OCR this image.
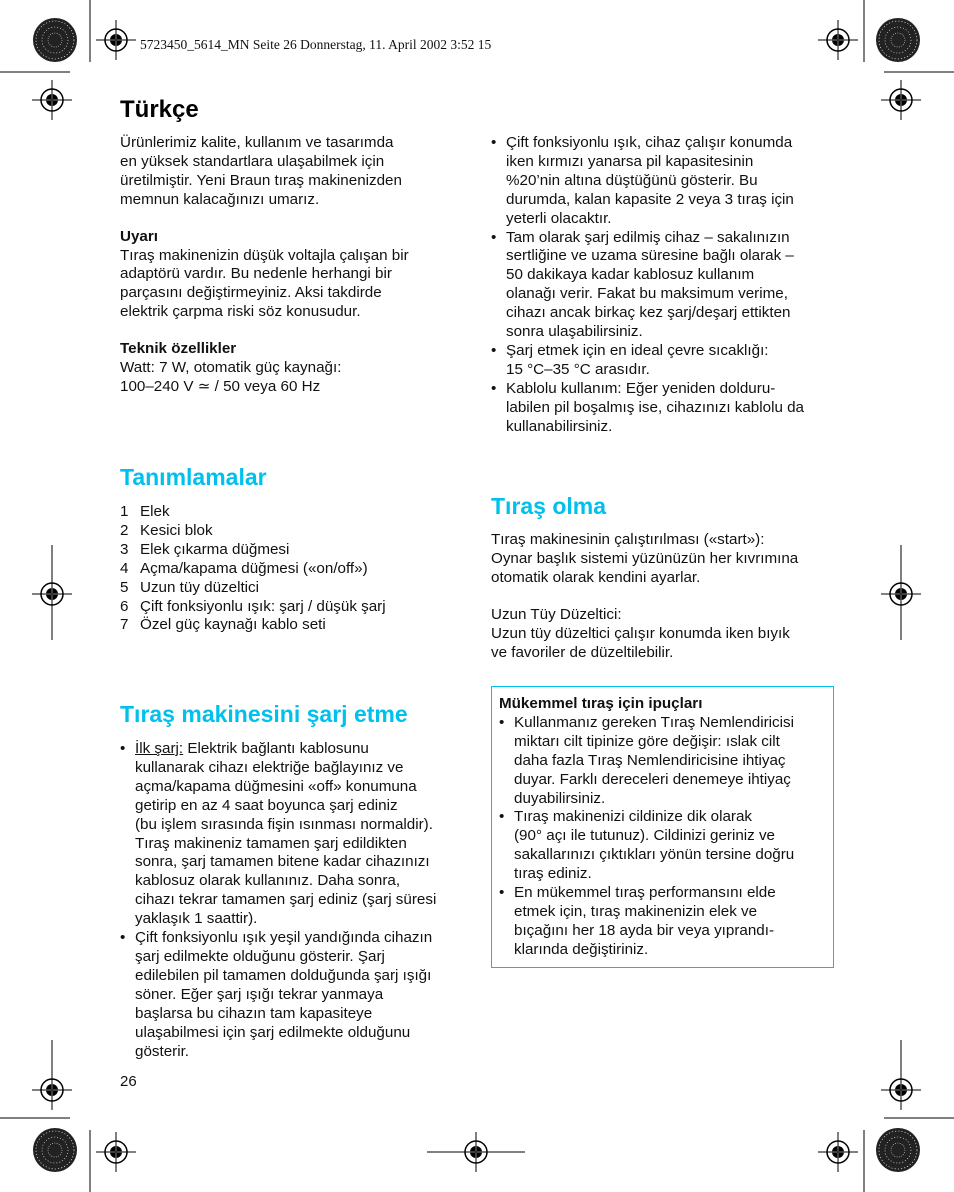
5723450_5614_MN Seite 26 Donnerstag, 11. April 2002 3:52 15
Türkçe

Ürünlerimiz kalite, kullanım ve tasarımda
en yüksek standartlara ulaşabilmek için
üretilmiştir. Yeni Braun tıraş makinenizden
memnun kalacağınızı umarız.

Uyarı

Tıraş makinenizin düşük voltajla çalışan bir
adaptörü vardır. Bu nedenle herhangi bir
parçasını değiştirmeyiniz. Aksi takdirde
elektrik çarpma riski söz konusudur.

Teknik özellikler

Watt: 7 W, otomatik güç kaynağı:

100–240 V ≃ / 50 veya 60 Hz

Tanımlamalar
1 Elek
2 Kesici blok
3 Elek çıkarma düğmesi
4 Açma/kapama düğmesi («on/off»)
5 Uzun tüy düzeltici
6 Çift fonksiyonlu ışık: şarj / düşük şarj
7 Özel güç kaynağı kablo seti
Tıraş makinesini şarj etme
• İlk şarj: Elektrik bağlantı kablosunu
kullanarak cihazı elektriğe bağlayınız ve
açma/kapama düğmesini «off» konumuna
getirip en az 4 saat boyunca şarj ediniz
(bu işlem sırasında fişin ısınması normaldir).
Tıraş makineniz tamamen şarj edildikten
sonra, şarj tamamen bitene kadar cihazınızı
kablosuz olarak kullanınız. Daha sonra,
cihazı tekrar tamamen şarj ediniz (şarj süresi
yaklaşık 1 saattir).
• Çift fonksiyonlu ışık yeşil yandığında cihazın
şarj edilmekte olduğunu gösterir. Şarj
edilebilen pil tamamen dolduğunda şarj ışığı
söner. Eğer şarj ışığı tekrar yanmaya
başlarsa bu cihazın tam kapasiteye
ulaşabilmesi için şarj edilmekte olduğunu
gösterir.
26
• Çift fonksiyonlu ışık, cihaz çalışır konumda
iken kırmızı yanarsa pil kapasitesinin
%20’nin altına düştüğünü gösterir. Bu
durumda, kalan kapasite 2 veya 3 tıraş için
yeterli olacaktır.
• Tam olarak şarj edilmiş cihaz – sakalınızın
sertliğine ve uzama süresine bağlı olarak –
50 dakikaya kadar kablosuz kullanım
olanağı verir. Fakat bu maksimum verime,
cihazı ancak birkaç kez şarj/deşarj ettikten
sonra ulaşabilirsiniz.
• Şarj etmek için en ideal çevre sıcaklığı:
15 °C–35 °C arasıdır.
• Kablolu kullanım: Eğer yeniden dolduru-
labilen pil boşalmış ise, cihazınızı kablolu da
kullanabilirsiniz.
Tıraş olma

Tıraş makinesinin çalıştırılması («start»):
Oynar başlık sistemi yüzünüzün her kıvrımına
otomatik olarak kendini ayarlar.

Uzun Tüy Düzeltici:
Uzun tüy düzeltici çalışır konumda iken bıyık
ve favoriler de düzeltilebilir.

Mükemmel tıraş için ipuçları
• Kullanmanız gereken Tıraş Nemlendiricisi
miktarı cilt tipinize göre değişir: ıslak cilt
daha fazla Tıraş Nemlendiricisine ihtiyaç
duyar. Farklı dereceleri denemeye ihtiyaç
duyabilirsiniz.
• Tıraş makinenizi cildinize dik olarak
(90° açı ile tutunuz). Cildinizi geriniz ve
sakallarınızı çıktıkları yönün tersine doğru
tıraş ediniz.
• En mükemmel tıraş performansını elde
etmek için, tıraş makinenizin elek ve
bıçağını her 18 ayda bir veya yıprandı-
klarında değiştiriniz.
